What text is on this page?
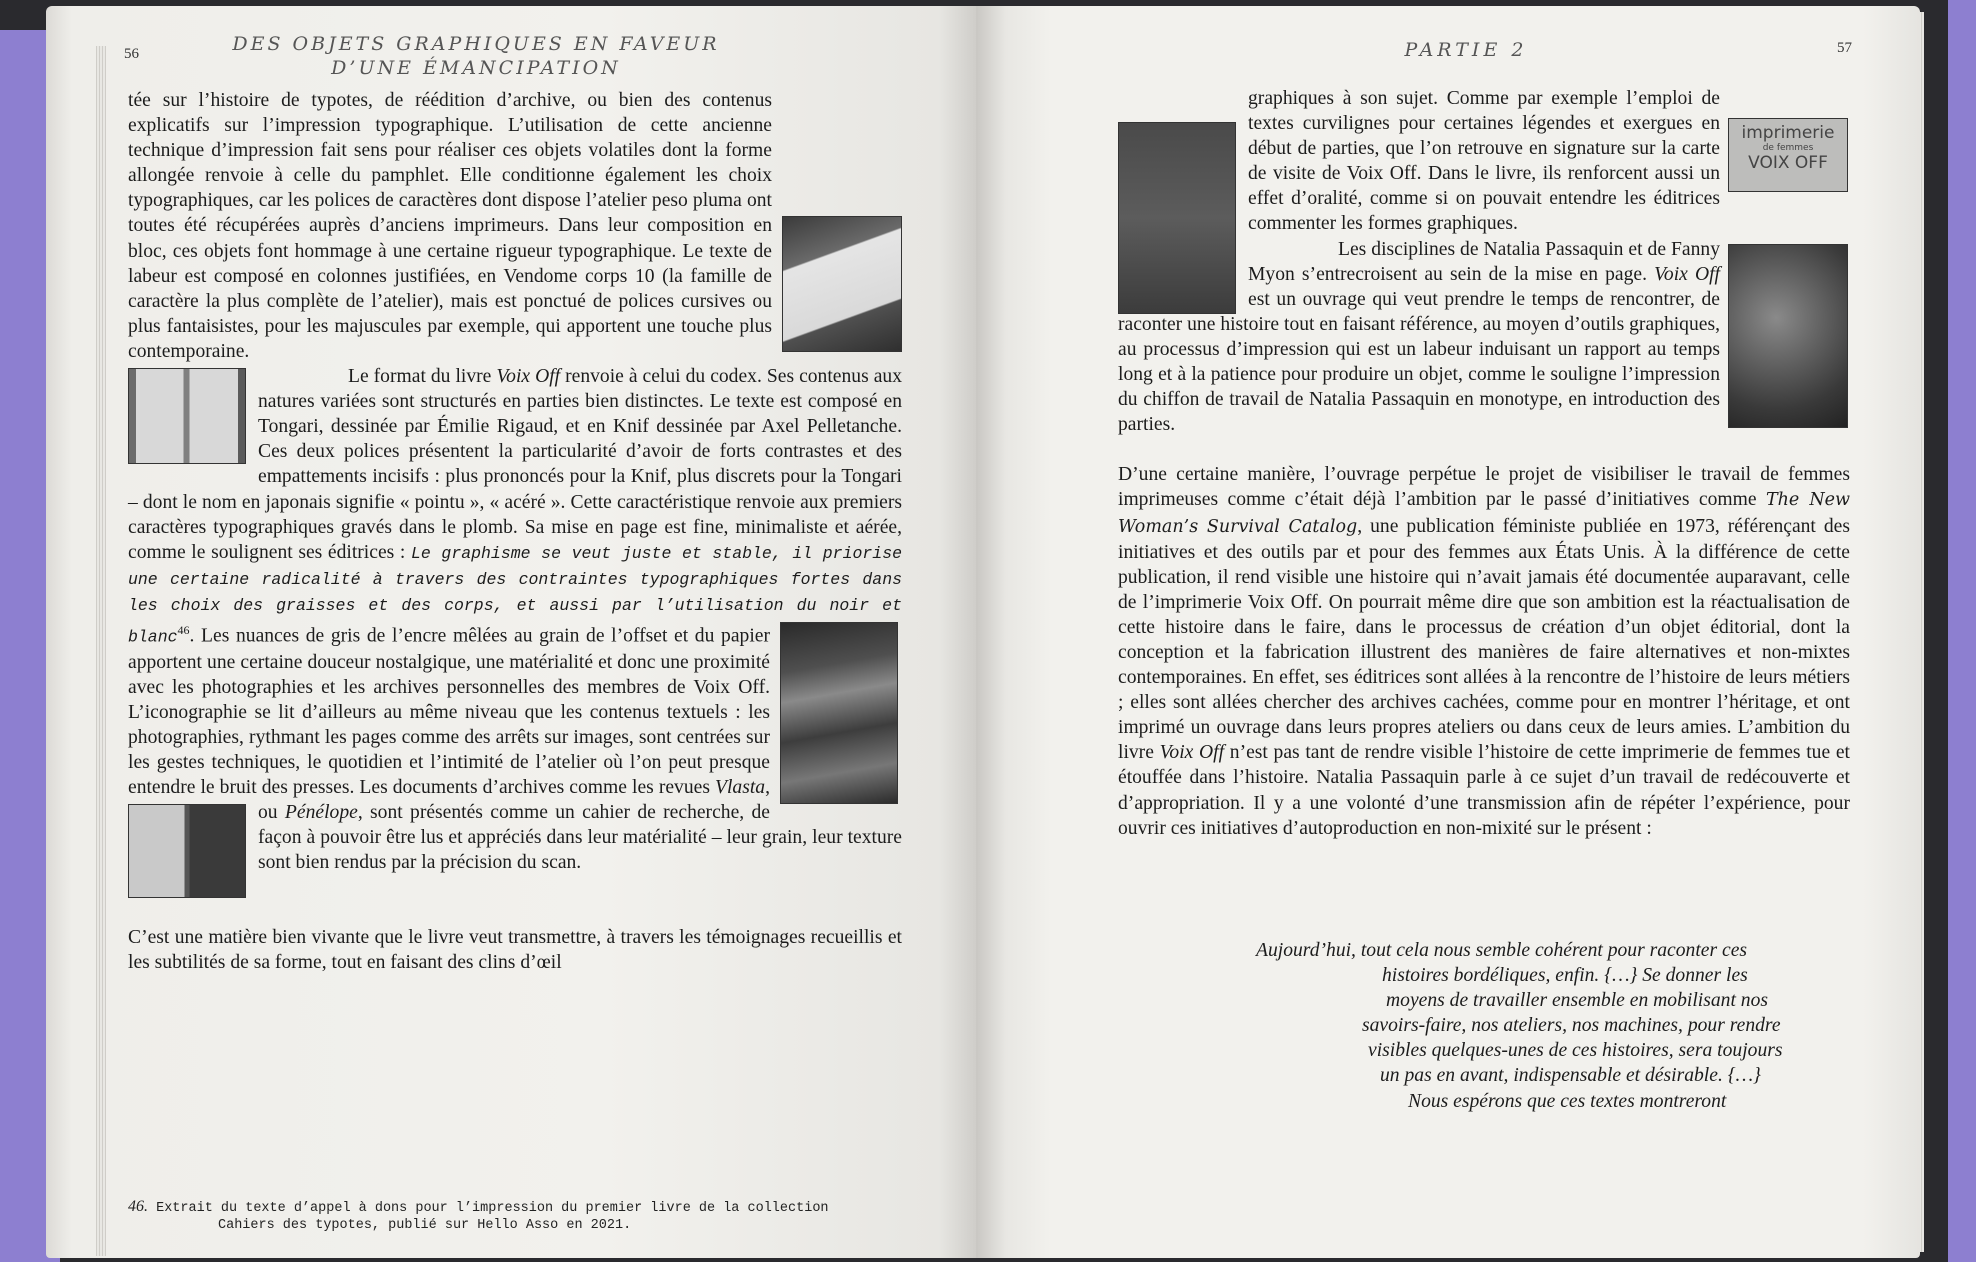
56	DES OBJETS GRAPHIQUES EN FAVEUR
D’UNE ÉMANCIPATION

tée sur l’histoire de typotes, de réédition d’archive, ou bien des contenus explicatifs sur l’impression typographique. L’utilisation de cette ancienne technique d’impression fait sens pour réaliser ces objets volatiles dont la forme allongée renvoie à celle du pamphlet. Elle conditionne également les choix typographiques, car les polices de caractères dont dispose l’atelier peso pluma ont toutes été récupérées auprès d’anciens imprimeurs. Dans leur composition en bloc, ces objets font hommage à une certaine rigueur typographique. Le texte de labeur est composé en colonnes justifiées, en Vendome corps 10 (la famille de caractère la plus complète de l’atelier), mais est ponctué de polices cursives ou plus fantaisistes, pour les majuscules par exemple, qui apportent une touche plus contemporaine.

Le format du livre Voix Off
renvoie à celui du codex. Ses contenus aux natures variées sont structurés en parties bien distinctes. Le texte est composé en Tongari, dessinée par Émilie Rigaud, et en Knif dessinée par Axel Pelletanche. Ces deux polices présentent la particularité d’avoir de forts contrastes et des empattements incisifs : plus prononcés pour la Knif, plus discrets pour la Tongari – dont le nom en japonais signifie « pointu », « acéré ». Cette caractéristique renvoie aux premiers caractères typographiques gravés dans le plomb. Sa mise en page est fine, minimaliste et aérée, comme le soulignent ses éditrices : Le graphisme se veut juste et stable, il priorise une certaine radicalité à travers des contraintes typographiques fortes dans les choix des graisses et des corps, et aussi par l’utilisation du noir et blanc$^{46}$
. Les nuances de gris de l’encre mêlées au grain de l’offset et du papier apportent une certaine douceur nostalgique, une matérialité et donc une proximité avec les photographies et les archives personnelles des membres de Voix Off. L’iconographie se lit d’ailleurs au même niveau que les contenus textuels : les photographies, rythmant les pages comme des arrêts sur images, sont centrées sur les gestes techniques, le quotidien et l’intimité de l’atelier où l’on peut presque entendre le bruit des presses. Les documents d’archives comme les revues
Vlasta, ou Pénélope, sont présentés comme un cahier de recherche, de façon à pouvoir être lus et appréciés dans leur matérialité – leur grain, leur texture sont bien rendus par la précision du scan.

C’est une matière bien vivante que le livre veut transmettre, à travers les témoignages recueillis et les subtilités de sa forme, tout en faisant des clins d’œil

46. Extrait du texte d’appel à dons pour l’impression du premier livre de la collection
Cahiers des typotes, publié sur Hello Asso en 2021.
PARTIE 2	57
imprimerie
de femmes
VOIX OFF

graphiques à son sujet. Comme par exemple l’emploi de textes curvilignes pour certaines légendes et exergues en début de parties, que l’on retrouve en signature sur la carte de visite de Voix Off. Dans le livre, ils renforcent aussi un effet d’oralité, comme si on pouvait entendre les éditrices commenter les formes graphiques.

Les disciplines de Natalia Passaquin et de Fanny Myon s’entrecroisent au sein de la mise en page. Voix Off est un ouvrage qui veut prendre le temps de rencontrer, de raconter une histoire tout en faisant référence, au moyen d’outils graphiques, au processus d’impression qui est un labeur induisant un rapport au temps long et à la patience pour produire un objet, comme le souligne l’impression du chiffon de travail de Natalia Passaquin en monotype, en introduction des parties.

D’une certaine manière, l’ouvrage perpétue le projet de visibiliser le travail de femmes imprimeuses comme c’était déjà l’ambition par le passé d’initiatives comme The New Woman’s Survival Catalog, une publication féministe publiée en 1973, référençant des initiatives et des outils par et pour des femmes aux États Unis. À la différence de cette publication, il rend visible une histoire qui n’avait jamais été documentée auparavant, celle de l’imprimerie Voix Off. On pourrait même dire que son ambition est la réactualisation de cette histoire dans le faire, dans le processus de création d’un objet éditorial, dont la conception et la fabrication illustrent des manières de faire alternatives et non-mixtes contemporaines. En effet, ses éditrices sont allées à la rencontre de l’histoire de leurs métiers ; elles sont allées chercher des archives cachées, comme pour en montrer l’héritage, et ont imprimé un ouvrage dans leurs propres ateliers ou dans ceux de leurs amies. L’ambition du livre Voix Off n’est pas tant de rendre visible l’histoire de cette imprimerie de femmes tue et étouffée dans l’histoire. Natalia Passaquin parle à ce sujet d’un travail de redécouverte et d’appropriation. Il y a une volonté d’une transmission afin de répéter l’expérience, pour ouvrir ces initiatives d’autoproduction en non-mixité sur le présent :

Aujourd’hui, tout cela nous semble cohérent pour raconter ces
histoires bordéliques, enfin. {…} Se donner les
moyens de travailler ensemble en mobilisant nos
savoirs-faire, nos ateliers, nos machines, pour rendre
visibles quelques-unes de ces histoires, sera toujours
un pas en avant, indispensable et désirable. {…}
Nous espérons que ces textes montreront
